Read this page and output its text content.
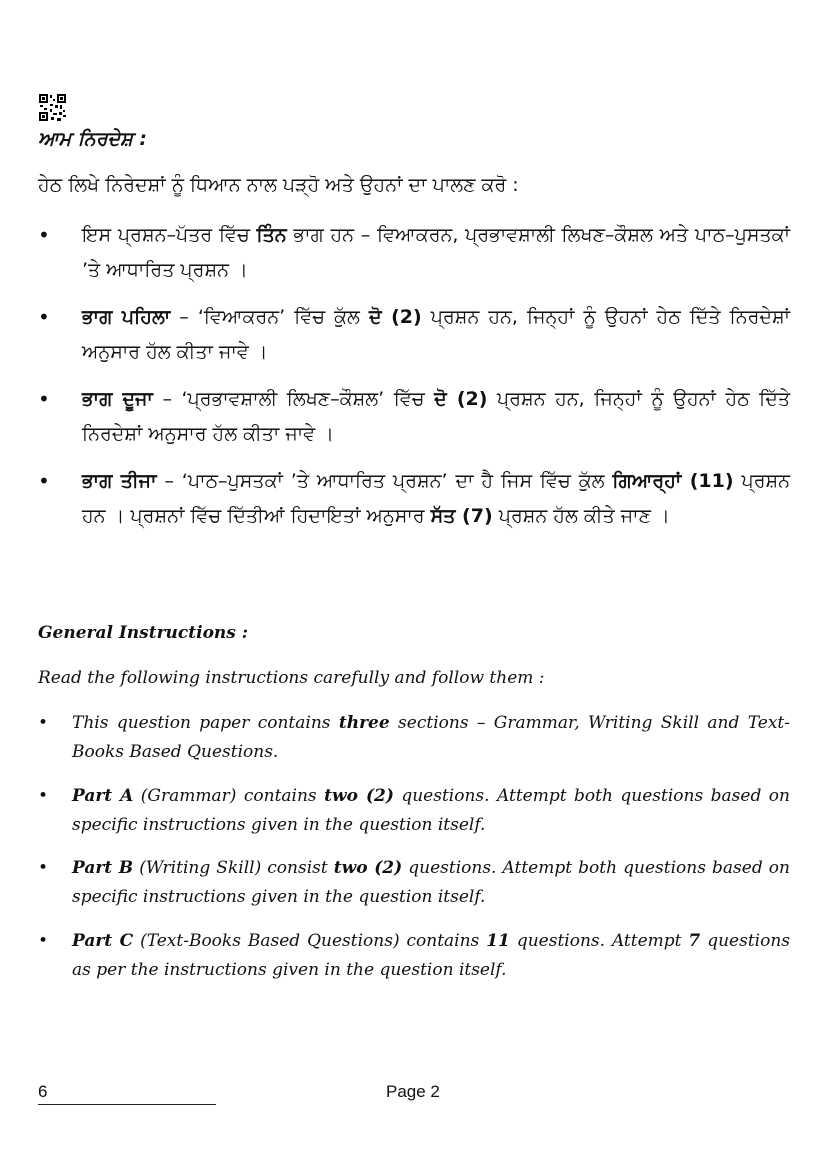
ਆਮ ਨਿਰਦੇਸ਼ :
ਹੇਠ ਲਿਖੇ ਨਿਰੇਦਸ਼ਾਂ ਨੂੰ ਧਿਆਨ ਨਾਲ ਪੜ੍ਹੋ ਅਤੇ ਉਹਨਾਂ ਦਾ ਪਾਲਣ ਕਰੋ :
• ਇਸ ਪ੍ਰਸ਼ਨ–ਪੱਤਰ ਵਿੱਚ ਤਿੰਨ ਭਾਗ ਹਨ – ਵਿਆਕਰਨ, ਪ੍ਰਭਾਵਸ਼ਾਲੀ ਲਿਖਣ–ਕੌਸ਼ਲ ਅਤੇ ਪਾਠ–ਪੁਸਤਕਾਂ ’ਤੇ ਆਧਾਰਿਤ ਪ੍ਰਸ਼ਨ ।
• ਭਾਗ ਪਹਿਲਾ – ‘ਵਿਆਕਰਨ’ ਵਿੱਚ ਕੁੱਲ ਦੋ (2) ਪ੍ਰਸ਼ਨ ਹਨ, ਜਿਨ੍ਹਾਂ ਨੂੰ ਉਹਨਾਂ ਹੇਠ ਦਿੱਤੇ ਨਿਰਦੇਸ਼ਾਂ ਅਨੁਸਾਰ ਹੱਲ ਕੀਤਾ ਜਾਵੇ ।
• ਭਾਗ ਦੂਜਾ – ‘ਪ੍ਰਭਾਵਸ਼ਾਲੀ ਲਿਖਣ–ਕੌਸ਼ਲ’ ਵਿੱਚ ਦੋ (2) ਪ੍ਰਸ਼ਨ ਹਨ, ਜਿਨ੍ਹਾਂ ਨੂੰ ਉਹਨਾਂ ਹੇਠ ਦਿੱਤੇ ਨਿਰਦੇਸ਼ਾਂ ਅਨੁਸਾਰ ਹੱਲ ਕੀਤਾ ਜਾਵੇ ।
• ਭਾਗ ਤੀਜਾ – ‘ਪਾਠ–ਪੁਸਤਕਾਂ ’ਤੇ ਆਧਾਰਿਤ ਪ੍ਰਸ਼ਨ’ ਦਾ ਹੈ ਜਿਸ ਵਿੱਚ ਕੁੱਲ ਗਿਆਰ੍ਹਾਂ (11) ਪ੍ਰਸ਼ਨ ਹਨ । ਪ੍ਰਸ਼ਨਾਂ ਵਿੱਚ ਦਿੱਤੀਆਂ ਹਿਦਾਇਤਾਂ ਅਨੁਸਾਰ ਸੱਤ (7) ਪ੍ਰਸ਼ਨ ਹੱਲ ਕੀਤੇ ਜਾਣ ।
General Instructions :
Read the following instructions carefully and follow them :
• This question paper contains three sections – Grammar, Writing Skill and Text-Books Based Questions.
• Part A (Grammar) contains two (2) questions. Attempt both questions based on specific instructions given in the question itself.
• Part B (Writing Skill) consist two (2) questions. Attempt both questions based on specific instructions given in the question itself.
• Part C (Text-Books Based Questions) contains 11 questions. Attempt 7 questions as per the instructions given in the question itself.
6	Page 2
